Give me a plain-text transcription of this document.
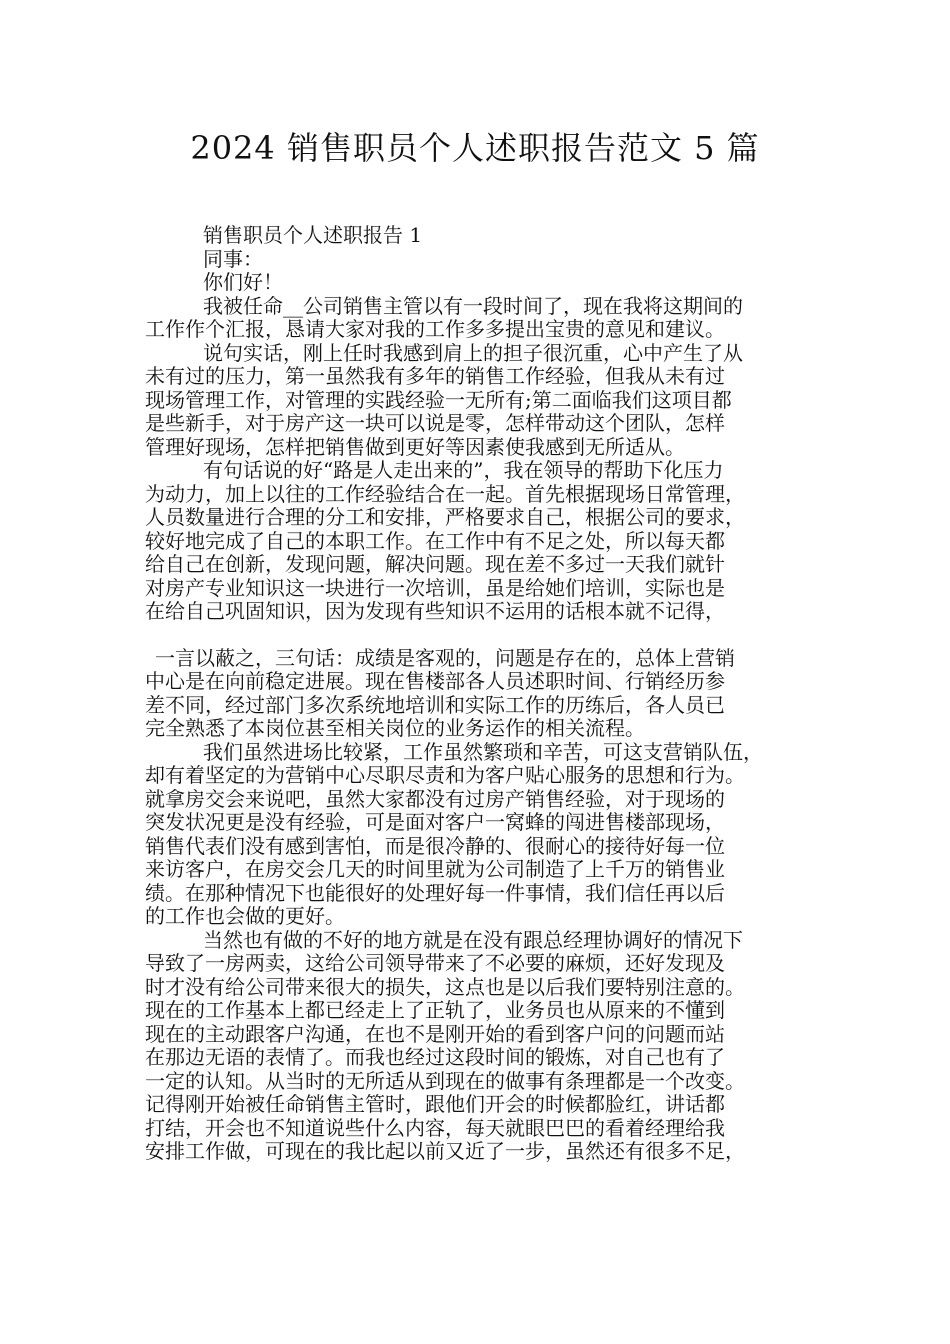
2024 销售职员个人述职报告范文 5 篇
销售职员个人述职报告 1
同事：
你们好！
我被任命__公司销售主管以有一段时间了，现在我将这期间的
工作作个汇报，恳请大家对我的工作多多提出宝贵的意见和建议。
说句实话，刚上任时我感到肩上的担子很沉重，心中产生了从
未有过的压力，第一虽然我有多年的销售工作经验，但我从未有过
现场管理工作，对管理的实践经验一无所有;第二面临我们这项目都
是些新手，对于房产这一块可以说是零，怎样带动这个团队，怎样
管理好现场，怎样把销售做到更好等因素使我感到无所适从。
有句话说的好“路是人走出来的”，我在领导的帮助下化压力
为动力，加上以往的工作经验结合在一起。首先根据现场日常管理，
人员数量进行合理的分工和安排，严格要求自己，根据公司的要求，
较好地完成了自己的本职工作。在工作中有不足之处，所以每天都
给自己在创新，发现问题，解决问题。现在差不多过一天我们就针
对房产专业知识这一块进行一次培训，虽是给她们培训，实际也是
在给自己巩固知识，因为发现有些知识不运用的话根本就不记得，
一言以蔽之，三句话：成绩是客观的，问题是存在的，总体上营销
中心是在向前稳定进展。现在售楼部各人员述职时间、行销经历参
差不同，经过部门多次系统地培训和实际工作的历练后，各人员已
完全熟悉了本岗位甚至相关岗位的业务运作的相关流程。
我们虽然进场比较紧，工作虽然繁琐和辛苦，可这支营销队伍，
却有着坚定的为营销中心尽职尽责和为客户贴心服务的思想和行为。
就拿房交会来说吧，虽然大家都没有过房产销售经验，对于现场的
突发状况更是没有经验，可是面对客户一窝蜂的闯进售楼部现场，
销售代表们没有感到害怕，而是很冷静的、很耐心的接待好每一位
来访客户，在房交会几天的时间里就为公司制造了上千万的销售业
绩。在那种情况下也能很好的处理好每一件事情，我们信任再以后
的工作也会做的更好。
当然也有做的不好的地方就是在没有跟总经理协调好的情况下
导致了一房两卖，这给公司领导带来了不必要的麻烦，还好发现及
时才没有给公司带来很大的损失，这点也是以后我们要特别注意的。
现在的工作基本上都已经走上了正轨了，业务员也从原来的不懂到
现在的主动跟客户沟通，在也不是刚开始的看到客户问的问题而站
在那边无语的表情了。而我也经过这段时间的锻炼，对自己也有了
一定的认知。从当时的无所适从到现在的做事有条理都是一个改变。
记得刚开始被任命销售主管时，跟他们开会的时候都脸红，讲话都
打结，开会也不知道说些什么内容，每天就眼巴巴的看着经理给我
安排工作做，可现在的我比起以前又近了一步，虽然还有很多不足，
